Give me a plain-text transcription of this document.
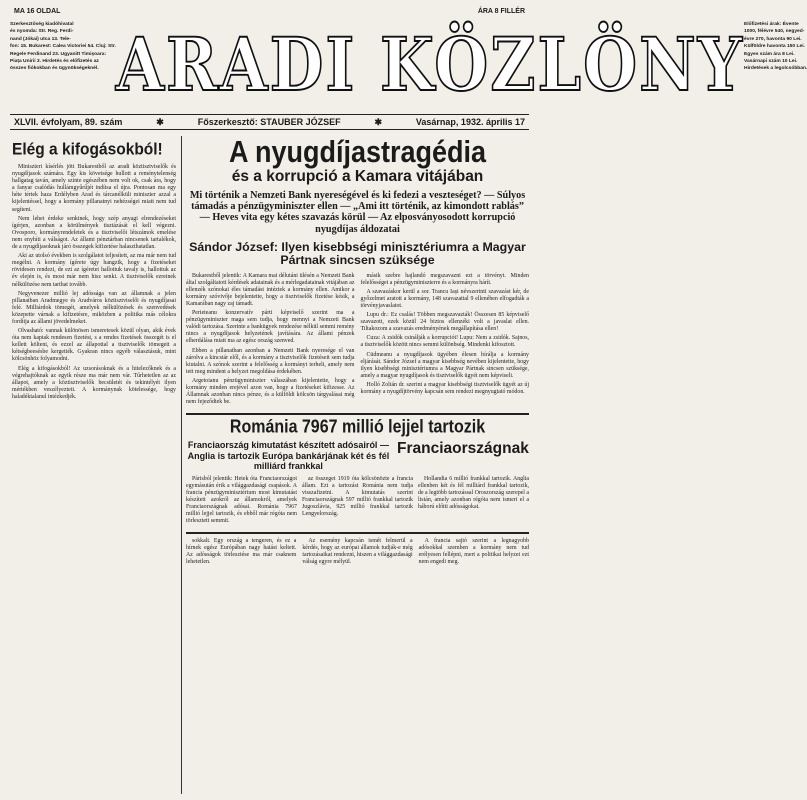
MA 16 OLDAL	ÁRA 8 FILLÉR
Szerkesztőség kiadóhivatal
és nyomda: Str. Reg. Ferdi-
nand (Jókai) utca 13. Tele-
fon: 15. Bukarest: Calea Victoriei 54. Cluj: Str.
Regele Ferdinand 23. Ugyanitt Timișoara:
Piața Unirii 3. Hirdetés és előfizetés az
összes fiókokban és ügynökségeknél. ARADI KÖZLÖNY Előfizetési árak: Évente
1000, félévre 540, negyed-
évre 270, havonta 90 Lei.
Külföldre havonta 150 Lei.
Egyes szám ára 8 Lei.
Vasárnapi szám 10 Lei.
Hirdetések a legolcsóbban.
XLVII. évfolyam, 89. szám	✱	Főszerkesztő: STAUBER JÓZSEF	✱	Vasárnap, 1932. április 17
Elég a kifogásokból!

Miniszteri kísérlés jött Bukarestből az aradi köztisztviselők és nyugdíjasok számára. Egy kis követsége hullott a reménytelenség hallgatag taván, amely szinte egészében nem volt ok, csak ára, hogy a fanyar csalódás hullámgyűrűjét indítsa el újra. Pontosan ma egy héte tértek haza Erdélyben Arad és tárcanélküli miniszter azzal a kijelentéssel, hogy a kormány pillanatnyi nehézségei miatt nem tud segíteni.

Nem lehet érdeke senkinek, hogy szép anyagi elrendezéseket ígérjen, azonban a körülmények tisztázását el kell végezni. Ovosporo, kormányrendeletek és a tisztviselői létszámok emelése nem enyhíti a válságot. Az állami pénztárban nincsenek tartalékok, de a nyugdíjasoknak járó összegek kifizetése halaszthatatlan.

Aki az utolsó években is szolgálatot teljesített, az ma már nem tud megélni. A kormány ígérete úgy hangzik, hogy a fizetéseket rövidesen rendezi, de ezt az ígéretet hallottuk tavaly is, hallottuk az év elején is, és most már nem hisz senki. A tisztviselők ezreinek nélkülözése nem tarthat tovább.

Negyvenezer millió lej adóssága van az államnak a jelen pillanatban Aradmegye és Aradváros köztisztviselői és nyugdíjasai felé. Milliárdok tömegét, amelyek nélkülözések és szenvedések közepette várnak a kifizetésre, miközben a politika más célokra fordítja az állami jövedelmeket.

Olvasható: vannak különösen ismeretesek közül olyan, akik évek óta nem kaptak rendesen fizetést, s a rendes fizetések összegét is el kellett költeni, és ezzel az állapottal a tisztviselők tömegeit a kétségbeesésbe kergették. Gyakran nincs egyéb választásuk, mint kölcsönhöz folyamodni.

Elég a kifogásokból! Az uzsorásoknak és a hitelezőknek és a végrehajtóknak az egyik része ma már nem vár. Tűrhetetlen az az állapot, amely a köztisztviselők becsületét és tekintélyét ilyen mértékben veszélyezteti. A kormánynak kötelessége, hogy haladéktalanul intézkedjék.

A nyugdíjastragédia
és a korrupció a Kamara vitájában
Mi történik a Nemzeti Bank nyereségével és ki fedezi a veszteséget? — Súlyos támadás a pénzügyminiszter ellen — „Ami itt történik, az kimondott rablás” — Heves vita egy kétes szavazás körül — Az elposványosodott korrupció nyugdíjas áldozatai
Sándor József: Ilyen kisebbségi minisztériumra a Magyar Pártnak sincsen szüksége

Bukarestből jelentik: A Kamara mai délutáni ülésén a Nemzeti Bank által szolgáltatott kérdések adatainak és a mérlegadatainak vitájában az ellenzék szónokai éles támadást intéztek a kormány ellen. Amikor a kormány szóvivője bejelentette, hogy a tisztviselők fizetése késik, a Kamarában nagy zaj támadt.

Perieteanu konzervatív párti képviselő szerint ma a pénzügyminiszter maga sem tudja, hogy mennyi a Nemzeti Bank valódi tartozása. Szerinte a bankügyek rendezése nélkül semmi remény nincs a nyugdíjasok helyzetének javítására. Az állami pénzek elherdálása miatt ma az egész ország szenved.

Ebben a pillanatban azonban a Nemzeti Bank nyeresége el van zárolva a kincstár elől, és a kormány a tisztviselők fizetéseit sem tudja kiutalni. A szónok szerint a felelősség a kormányt terheli, amely nem tett meg mindent a helyzet megoldása érdekében.

Argetoianu pénzügyminiszter válaszában kijelentette, hogy a kormány minden erejével azon van, hogy a fizetéseket kifizesse. Az Államnak azonban nincs pénze, és a külföldi kölcsön tárgyalásai még nem fejeződtek be.

másik szebre hajlandó megszavazni ezt a törvényt. Minden felelősséget a pénzügyminiszterre és a kormányra hárít.

A szavazáskor kerül a sor. Trancu Iași névszerinti szavazást kér, de győzelmet aratott a kormány, 148 szavazattal 9 ellenében elfogadták a törvényjavaslatot.

Lupu dr.: Ez csalás! Többen megszavazták! Összesen 85 képviselő szavazott, ezek közül 24 biztos ellenzéki volt a javaslat ellen. Tiltakozom a szavazás eredményének megállapítása ellen!

Cuza: A zsidók csinálják a korrupciót! Lupu: Nem a zsidók. Sajnos, a tisztviselők között nincs semmi különbség. Mindenki kifosztott.

Cüdmeanu a nyugdíjasok ügyében élesen bírálja a kormány eljárását. Sándor József a magyar kisebbség nevében kijelentette, hogy ilyen kisebbségi minisztériumra a Magyar Pártnak sincsen szüksége, amely a magyar nyugdíjasok és tisztviselők ügyét nem képviseli.

Holló Zoltán dr. szerint a magyar kisebbségi tisztviselők ügyét az új kormány a nyugdíjtörvény kapcsán sem rendezi megnyugtató módon.

Románia 7967 millió lejjel tartozik
Franciaország kimutatást készített adósairól — Anglia is tartozik Európa bankárjának két és fél milliárd frankkal
Franciaországnak

Párisból jelentik: Hetek óta Franciaországot egymásután érik a világgazdasági csapások. A francia pénzügyminisztérium most kimutatást készített azokról az államokról, amelyek Franciaországnak adósai. Románia 7967 millió lejjel tartozik, és ebből már régóta nem törlesztett semmit.

az összeget 1919 óta kölcsönözte a francia állam. Ezt a tartozást Románia nem tudja visszafizetni. A kimutatás szerint Franciaországnak 597 millió frankkal tartozik Jugoszlávia, 925 millió frankkal tartozik Lengyelország.

Hollandia 6 millió frankkal tartozik. Anglia ellenben két és fél milliárd frankkal tartozik, de a legtöbb tartozással Oroszország szerepel a listán, amely azonban régóta nem ismeri el a háború előtti adósságokat.

sokkalt. Egy ország a tengeren, és ez a hírnek egész Európában nagy hatást keltett. Az adósságok törlesztése ma már csaknem lehetetlen.

Az esemény kapcsán ismét felmerül a kérdés, hogy az európai államok tudják-e még tartozásaikat rendezni, hiszen a világgazdasági válság egyre mélyül.

A francia sajtó szerint a legnagyobb adósokkal szemben a kormány nem tud erélyesen fellépni, mert a politikai helyzet ezt nem engedi meg.
